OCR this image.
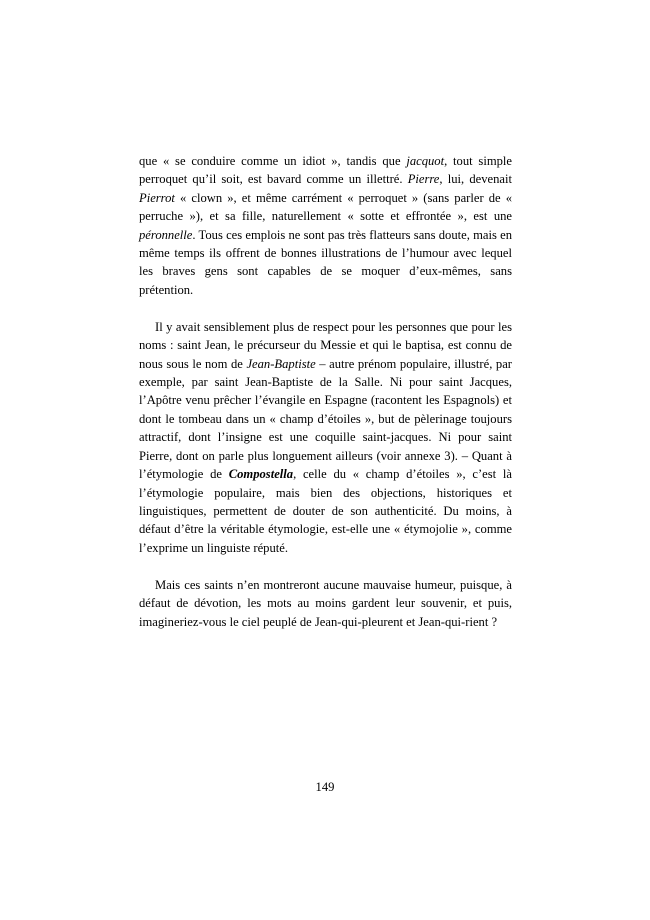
que « se conduire comme un idiot », tandis que jacquot, tout simple perroquet qu’il soit, est bavard comme un illettré. Pierre, lui, devenait Pierrot « clown », et même carrément « perroquet » (sans parler de « perruche »), et sa fille, naturellement « sotte et effrontée », est une péronnelle. Tous ces emplois ne sont pas très flatteurs sans doute, mais en même temps ils offrent de bonnes illustrations de l’humour avec lequel les braves gens sont capables de se moquer d’eux-mêmes, sans prétention.

Il y avait sensiblement plus de respect pour les personnes que pour les noms : saint Jean, le précurseur du Messie et qui le baptisa, est connu de nous sous le nom de Jean-Baptiste – autre prénom populaire, illustré, par exemple, par saint Jean-Baptiste de la Salle. Ni pour saint Jacques, l’Apôtre venu prêcher l’évangile en Espagne (racontent les Espagnols) et dont le tombeau dans un « champ d’étoiles », but de pèlerinage toujours attractif, dont l’insigne est une coquille saint-jacques. Ni pour saint Pierre, dont on parle plus longuement ailleurs (voir annexe 3). – Quant à l’étymologie de Compostella, celle du « champ d’étoiles », c’est là l’étymologie populaire, mais bien des objections, historiques et linguistiques, permettent de douter de son authenticité. Du moins, à défaut d’être la véritable étymologie, est-elle une « étymojolie », comme l’exprime un linguiste réputé.

Mais ces saints n’en montreront aucune mauvaise humeur, puisque, à défaut de dévotion, les mots au moins gardent leur souvenir, et puis, imagineriez-vous le ciel peuplé de Jean-qui-pleurent et Jean-qui-rient ?

149
